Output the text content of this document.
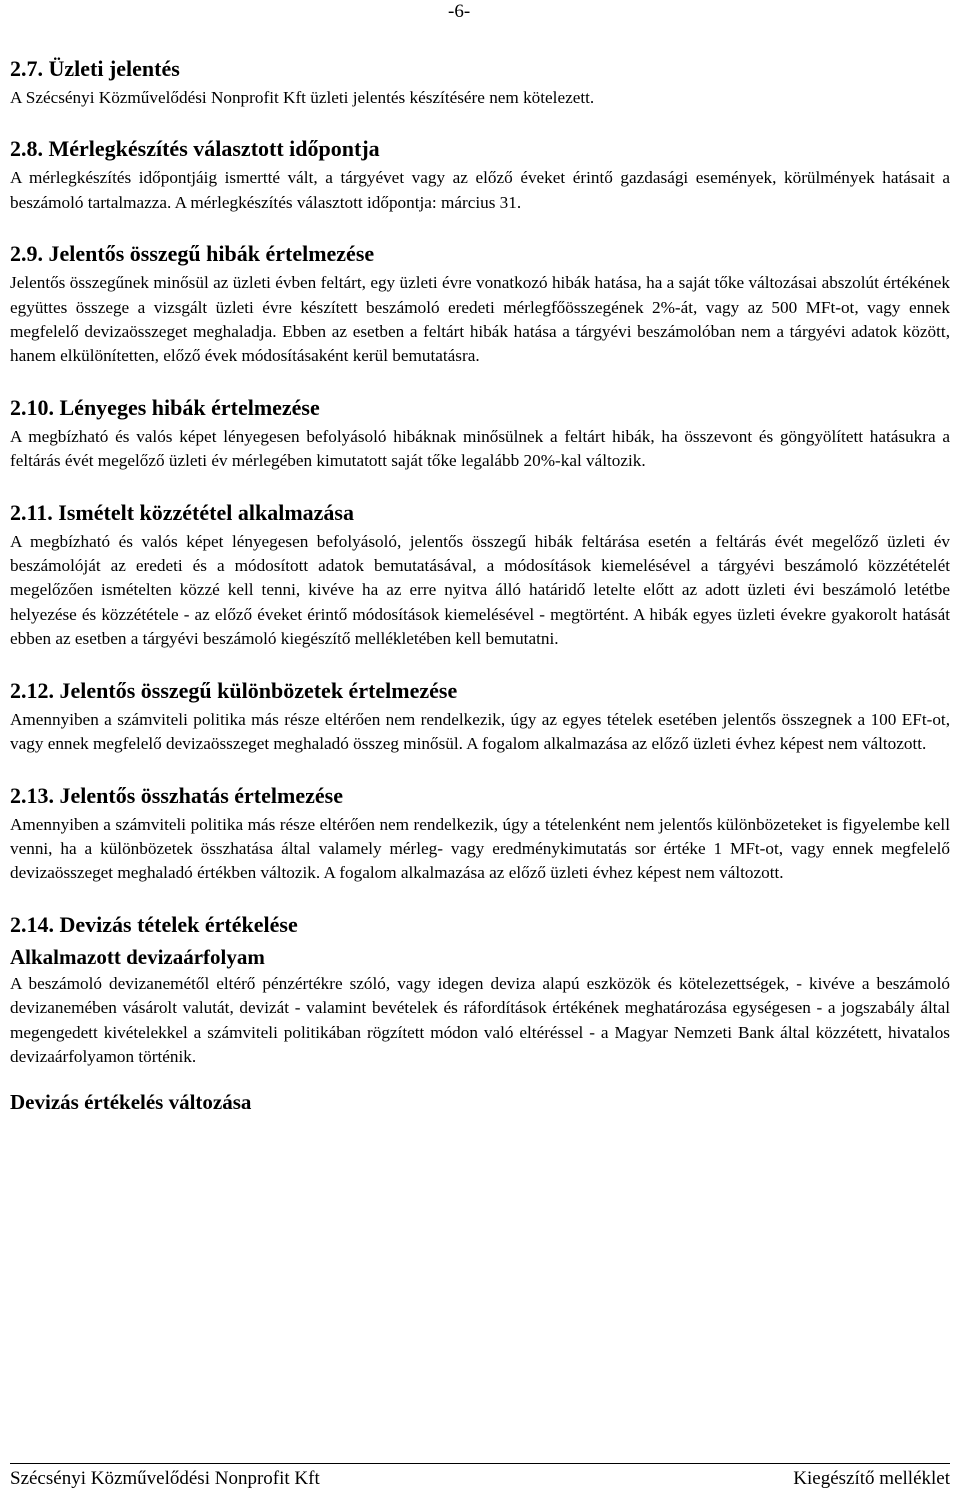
-6-
2.7. Üzleti jelentés

A Szécsényi Közművelődési Nonprofit Kft üzleti jelentés készítésére nem kötelezett.

2.8. Mérlegkészítés választott időpontja

A mérlegkészítés időpontjáig ismertté vált, a tárgyévet vagy az előző éveket érintő gazdasági események, körülmények hatásait a beszámoló tartalmazza. A mérlegkészítés választott időpontja: március 31.

2.9. Jelentős összegű hibák értelmezése

Jelentős összegűnek minősül az üzleti évben feltárt, egy üzleti évre vonatkozó hibák hatása, ha a saját tőke változásai abszolút értékének együttes összege a vizsgált üzleti évre készített beszámoló eredeti mérlegfőösszegének 2%-át, vagy az 500 MFt-ot, vagy ennek megfelelő devizaösszeget meghaladja. Ebben az esetben a feltárt hibák hatása a tárgyévi beszámolóban nem a tárgyévi adatok között, hanem elkülönítetten, előző évek módosításaként kerül bemutatásra.

2.10. Lényeges hibák értelmezése

A megbízható és valós képet lényegesen befolyásoló hibáknak minősülnek a feltárt hibák, ha összevont és göngyölített hatásukra a feltárás évét megelőző üzleti év mérlegében kimutatott saját tőke legalább 20%-kal változik.

2.11. Ismételt közzététel alkalmazása

A megbízható és valós képet lényegesen befolyásoló, jelentős összegű hibák feltárása esetén a feltárás évét megelőző üzleti év beszámolóját az eredeti és a módosított adatok bemutatásával, a módosítások kiemelésével a tárgyévi beszámoló közzétételét megelőzően ismételten közzé kell tenni, kivéve ha az erre nyitva álló határidő letelte előtt az adott üzleti évi beszámoló letétbe helyezése és közzététele - az előző éveket érintő módosítások kiemelésével - megtörtént. A hibák egyes üzleti évekre gyakorolt hatását ebben az esetben a tárgyévi beszámoló kiegészítő mellékletében kell bemutatni.

2.12. Jelentős összegű különbözetek értelmezése

Amennyiben a számviteli politika más része eltérően nem rendelkezik, úgy az egyes tételek esetében jelentős összegnek a 100 EFt-ot, vagy ennek megfelelő devizaösszeget meghaladó összeg minősül. A fogalom alkalmazása az előző üzleti évhez képest nem változott.

2.13. Jelentős összhatás értelmezése

Amennyiben a számviteli politika más része eltérően nem rendelkezik, úgy a tételenként nem jelentős különbözeteket is figyelembe kell venni, ha a különbözetek összhatása által valamely mérleg- vagy eredménykimutatás sor értéke 1 MFt-ot, vagy ennek megfelelő devizaösszeget meghaladó értékben változik. A fogalom alkalmazása az előző üzleti évhez képest nem változott.

2.14. Devizás tételek értékelése
Alkalmazott devizaárfolyam

A beszámoló devizanemétől eltérő pénzértékre szóló, vagy idegen deviza alapú eszközök és kötelezettségek, - kivéve a beszámoló devizanemében vásárolt valutát, devizát - valamint bevételek és ráfordítások értékének meghatározása egységesen - a jogszabály által megengedett kivételekkel a számviteli politikában rögzített módon való eltéréssel - a Magyar Nemzeti Bank által közzétett, hivatalos devizaárfolyamon történik.

Devizás értékelés változása
Szécsényi Közművelődési Nonprofit Kft	Kiegészítő melléklet
